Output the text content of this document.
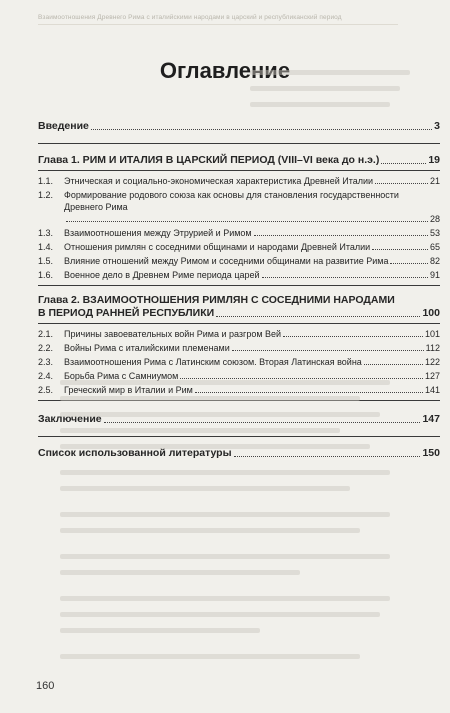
Взаимоотношения Древнего Рима с италийскими народами в царский и республиканский период
Оглавление
Введение	3
Глава 1. РИМ И ИТАЛИЯ В ЦАРСКИЙ ПЕРИОД (VIII–VI века до н.э.)	19
1.1.	Этническая и социально-экономическая характеристика Древней Италии	21
1.2.	Формирование родового союза как основы для становления государственности Древнего Рима
28
1.3.	Взаимоотношения между Этрурией и Римом	53
1.4.	Отношения римлян с соседними общинами и народами Древней Италии	65
1.5.	Влияние отношений между Римом и соседними общинами на развитие Рима	82
1.6.	Военное дело в Древнем Риме периода царей	91
Глава 2. ВЗАИМООТНОШЕНИЯ РИМЛЯН С СОСЕДНИМИ НАРОДАМИ
В ПЕРИОД РАННЕЙ РЕСПУБЛИКИ	100
2.1.	Причины завоевательных войн Рима и разгром Вей	101
2.2.	Войны Рима с италийскими племенами	112
2.3.	Взаимоотношения Рима с Латинским союзом. Вторая Латинская война	122
2.4.	Борьба Рима с Самниумом	127
2.5.	Греческий мир в Италии и Рим	141
Заключение	147
Список использованной литературы	150
160
